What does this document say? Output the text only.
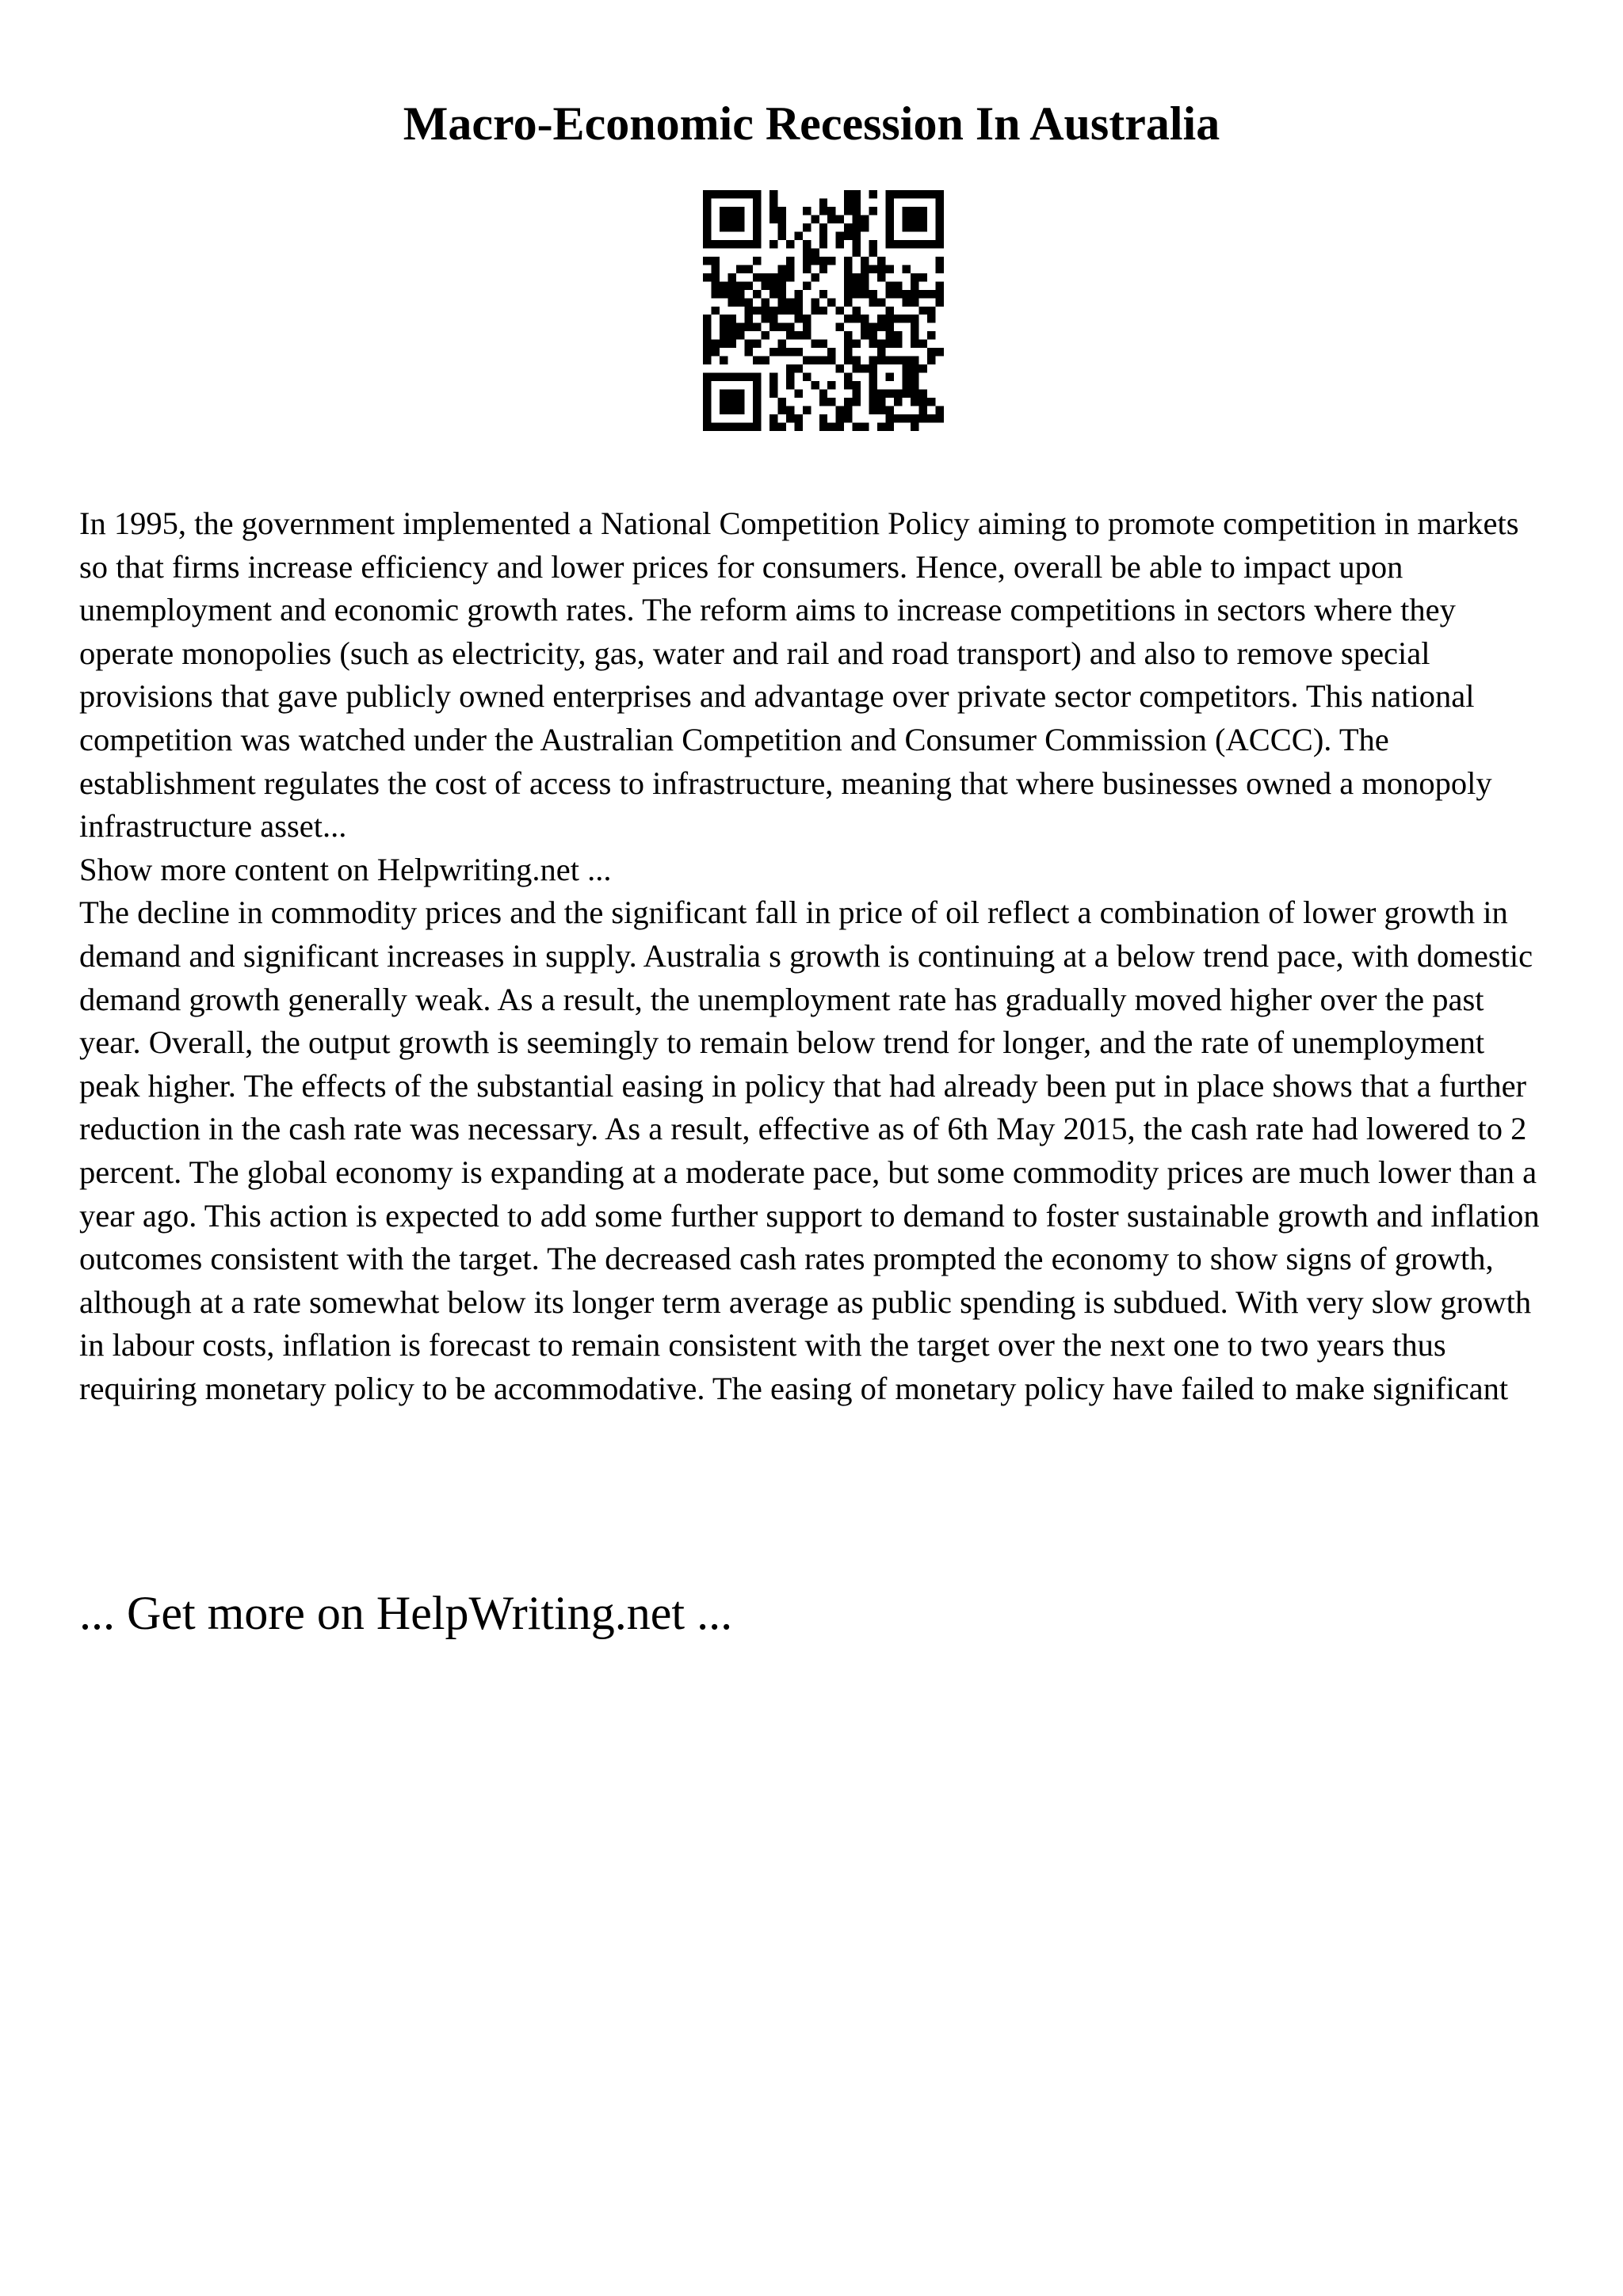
Macro-Economic Recession In Australia

In 1995, the government implemented a National Competition Policy aiming to promote competition in markets so that firms increase efficiency and lower prices for consumers. Hence, overall be able to impact upon unemployment and economic growth rates. The reform aims to increase competitions in sectors where they operate monopolies (such as electricity, gas, water and rail and road transport) and also to remove special provisions that gave publicly owned enterprises and advantage over private sector competitors. This national competition was watched under the Australian Competition and Consumer Commission (ACCC). The establishment regulates the cost of access to infrastructure, meaning that where businesses owned a monopoly infrastructure asset...

Show more content on Helpwriting.net ...

The decline in commodity prices and the significant fall in price of oil reflect a combination of lower growth in demand and significant increases in supply. Australia s growth is continuing at a below trend pace, with domestic demand growth generally weak. As a result, the unemployment rate has gradually moved higher over the past year. Overall, the output growth is seemingly to remain below trend for longer, and the rate of unemployment peak higher. The effects of the substantial easing in policy that had already been put in place shows that a further reduction in the cash rate was necessary. As a result, effective as of 6th May 2015, the cash rate had lowered to 2 percent. The global economy is expanding at a moderate pace, but some commodity prices are much lower than a year ago. This action is expected to add some further support to demand to foster sustainable growth and inflation outcomes consistent with the target. The decreased cash rates prompted the economy to show signs of growth, although at a rate somewhat below its longer term average as public spending is subdued. With very slow growth in labour costs, inflation is forecast to remain consistent with the target over the next one to two years thus requiring monetary policy to be accommodative. The easing of monetary policy have failed to make significant

... Get more on HelpWriting.net ...
